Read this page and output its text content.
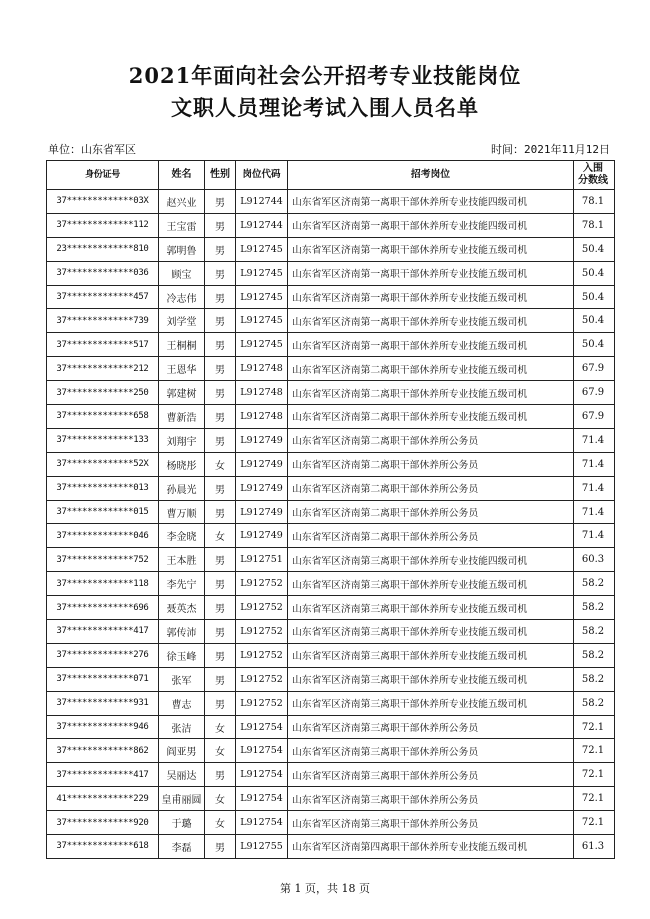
2021年面向社会公开招考专业技能岗位
文职人员理论考试入围人员名单
单位：山东省军区	时间：2021年11月12日
身份证号	姓名	性别	岗位代码	招考岗位	入围
分数线
37*************03X	赵兴业	男	L912744	山东省军区济南第一离职干部休养所专业技能四级司机	78.1
37*************112	王宝雷	男	L912744	山东省军区济南第一离职干部休养所专业技能四级司机	78.1
23*************810	郭明鲁	男	L912745	山东省军区济南第一离职干部休养所专业技能五级司机	50.4
37*************036	顾宝	男	L912745	山东省军区济南第一离职干部休养所专业技能五级司机	50.4
37*************457	冷志伟	男	L912745	山东省军区济南第一离职干部休养所专业技能五级司机	50.4
37*************739	刘学堂	男	L912745	山东省军区济南第一离职干部休养所专业技能五级司机	50.4
37*************517	王桐桐	男	L912745	山东省军区济南第一离职干部休养所专业技能五级司机	50.4
37*************212	王恩华	男	L912748	山东省军区济南第二离职干部休养所专业技能五级司机	67.9
37*************250	郭建树	男	L912748	山东省军区济南第二离职干部休养所专业技能五级司机	67.9
37*************658	曹新浩	男	L912748	山东省军区济南第二离职干部休养所专业技能五级司机	67.9
37*************133	刘翔宇	男	L912749	山东省军区济南第二离职干部休养所公务员	71.4
37*************52X	杨晓彤	女	L912749	山东省军区济南第二离职干部休养所公务员	71.4
37*************013	孙晨光	男	L912749	山东省军区济南第二离职干部休养所公务员	71.4
37*************015	曹万顺	男	L912749	山东省军区济南第二离职干部休养所公务员	71.4
37*************046	李金晓	女	L912749	山东省军区济南第二离职干部休养所公务员	71.4
37*************752	王本胜	男	L912751	山东省军区济南第三离职干部休养所专业技能四级司机	60.3
37*************118	李先宁	男	L912752	山东省军区济南第三离职干部休养所专业技能五级司机	58.2
37*************696	聂英杰	男	L912752	山东省军区济南第三离职干部休养所专业技能五级司机	58.2
37*************417	郭传沛	男	L912752	山东省军区济南第三离职干部休养所专业技能五级司机	58.2
37*************276	徐玉峰	男	L912752	山东省军区济南第三离职干部休养所专业技能五级司机	58.2
37*************071	张军	男	L912752	山东省军区济南第三离职干部休养所专业技能五级司机	58.2
37*************931	曹志	男	L912752	山东省军区济南第三离职干部休养所专业技能五级司机	58.2
37*************946	张洁	女	L912754	山东省军区济南第三离职干部休养所公务员	72.1
37*************862	阎亚男	女	L912754	山东省军区济南第三离职干部休养所公务员	72.1
37*************417	吴丽达	男	L912754	山东省军区济南第三离职干部休养所公务员	72.1
41*************229	皇甫丽圆	女	L912754	山东省军区济南第三离职干部休养所公务员	72.1
37*************920	于璐	女	L912754	山东省军区济南第三离职干部休养所公务员	72.1
37*************618	李磊	男	L912755	山东省军区济南第四离职干部休养所专业技能五级司机	61.3
第 1 页，共 18 页
